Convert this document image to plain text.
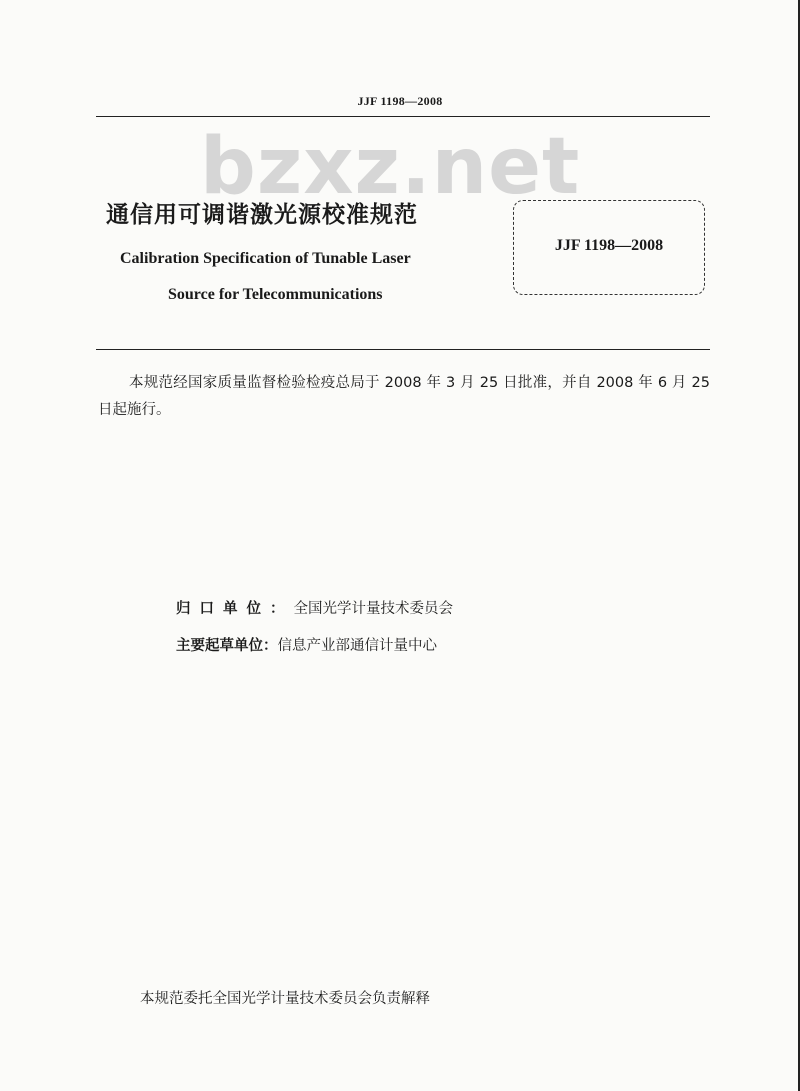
JJF 1198—2008
bzxz.net
通信用可调谐激光源校准规范
Calibration Specification of Tunable Laser
Source for Telecommunications
JJF 1198—2008
本规范经国家质量监督检验检疫总局于 2008 年 3 月 25 日批准，并自 2008 年 6 月 25 日起施行。
归口单位：全国光学计量技术委员会
主要起草单位：信息产业部通信计量中心
本规范委托全国光学计量技术委员会负责解释
